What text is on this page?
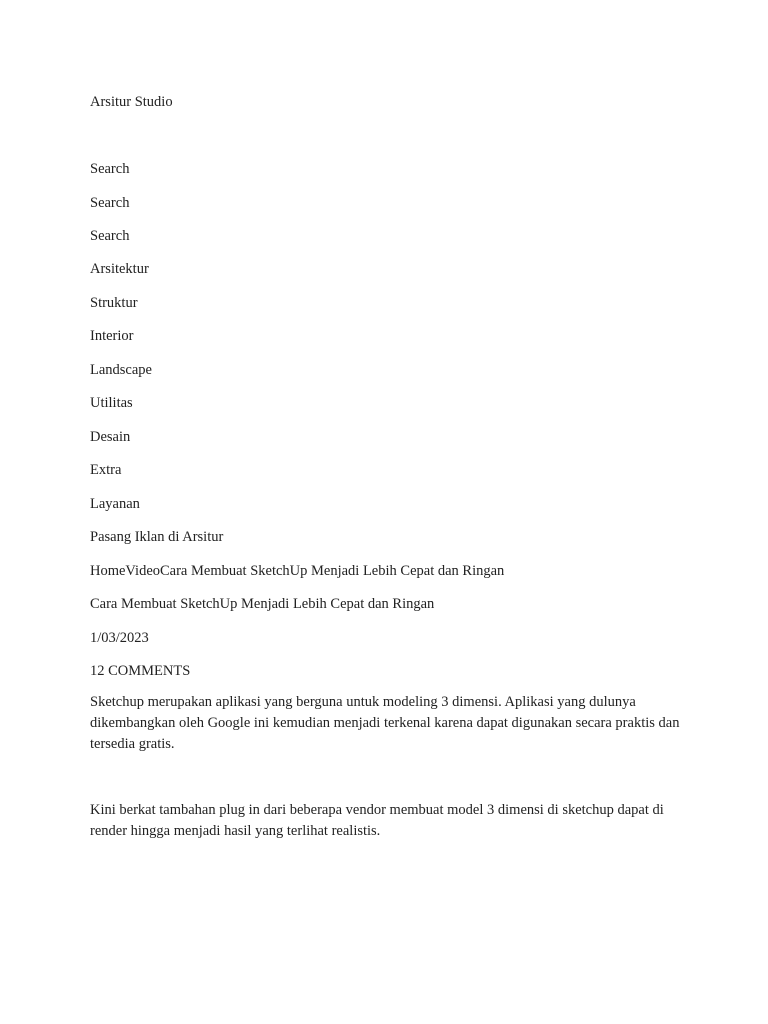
Arsitur Studio
Search
Search
Search
Arsitektur
Struktur
Interior
Landscape
Utilitas
Desain
Extra
Layanan
Pasang Iklan di Arsitur
HomeVideoCara Membuat SketchUp Menjadi Lebih Cepat dan Ringan
Cara Membuat SketchUp Menjadi Lebih Cepat dan Ringan
1/03/2023
12 COMMENTS
Sketchup merupakan aplikasi yang berguna untuk modeling 3 dimensi. Aplikasi yang dulunya dikembangkan oleh Google ini kemudian menjadi terkenal karena dapat digunakan secara praktis dan tersedia gratis.
Kini berkat tambahan plug in dari beberapa vendor membuat model 3 dimensi di sketchup dapat di render hingga menjadi hasil yang terlihat realistis.
